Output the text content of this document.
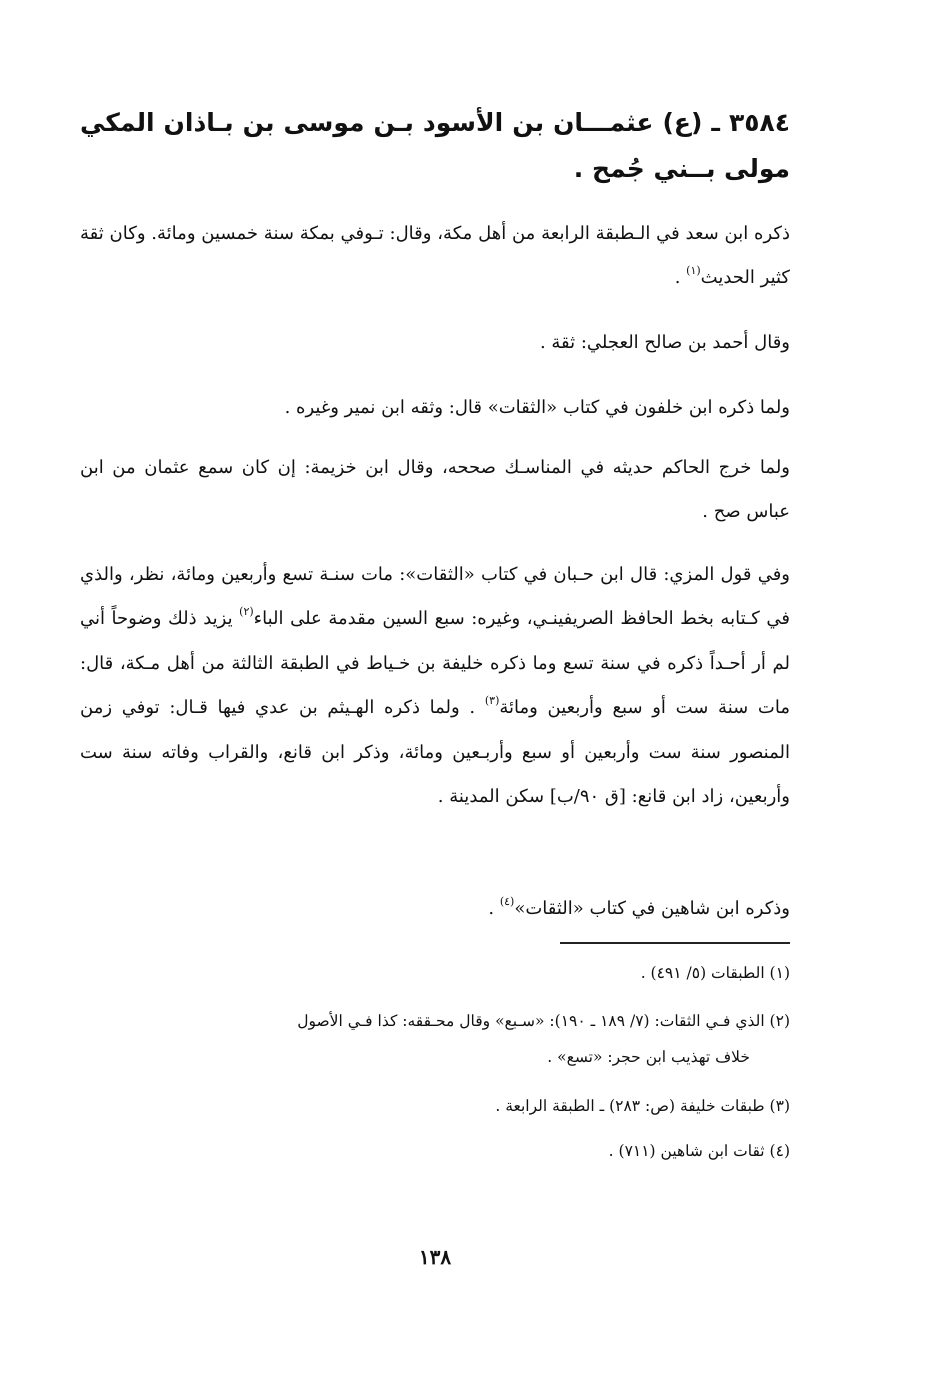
٣٥٨٤ ـ (ع) عثمـــان بن الأسود بـن موسى بن بـاذان المكي مولى بــني جُمح .

ذكره ابن سعد في الـطبقة الرابعة من أهل مكة، وقال: تـوفي بمكة سنة خمسين ومائة. وكان ثقة كثير الحديث$^{(١)}$ .

وقال أحمد بن صالح العجلي: ثقة .

ولما ذكره ابن خلفون في كتاب «الثقات» قال: وثقه ابن نمير وغيره .

ولما خرج الحاكم حديثه في المناسـك صححه، وقال ابن خزيمة: إن كان سمع عثمان من ابن عباس صح .

وفي قول المزي: قال ابن حـبان في كتاب «الثقات»: مات سنـة تسع وأربعين ومائة، نظر، والذي في كـتابه بخط الحافظ الصريفينـي، وغيره: سبع السين مقدمة على الباء$^{(٢)}$ يزيد ذلك وضوحاً أني لم أر أحـداً ذكره في سنة تسع وما ذكره خليفة بن خـياط في الطبقة الثالثة من أهل مـكة، قال: مات سنة ست أو سبع وأربعين ومائة$^{(٣)}$ . ولما ذكره الهـيثم بن عدي فيها قـال: توفي زمن المنصور سنة ست وأربعين أو سبع وأربـعين ومائة، وذكر ابن قانع، والقراب وفاته سنة ست وأربعين، زاد ابن قانع: [ق ٩٠/ب] سكن المدينة .

وذكره ابن شاهين في كتاب «الثقات»$^{(٤)}$ .

(١) الطبقات (٥/ ٤٩١) .

(٢) الذي فـي الثقات: (٧/ ١٨٩ ـ ١٩٠): «سـبع» وقال محـققه: كذا فـي الأصول
خلاف تهذيب ابن حجر: «تسع» .

(٣) طبقات خليفة (ص: ٢٨٣) ـ الطبقة الرابعة .

(٤) ثقات ابن شاهين (٧١١) .

١٣٨
